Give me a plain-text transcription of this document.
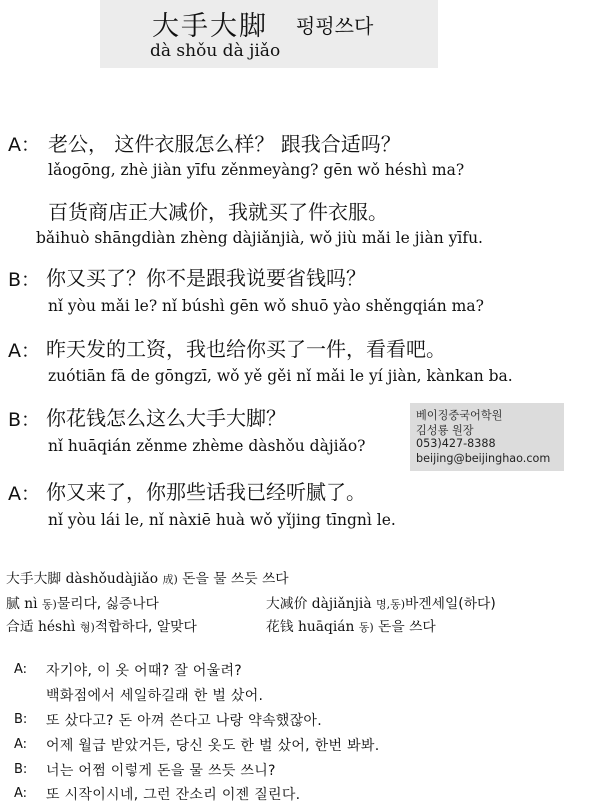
大手大脚 펑펑쓰다
dà shǒu dà jiǎo
A： 老公， 这件衣服怎么样？ 跟我合适吗？
lǎogōng, zhè jiàn yīfu zěnmeyàng? gēn wǒ héshì ma?
百货商店正大减价，我就买了件衣服。
bǎihuò shāngdiàn zhèng dàjiǎnjià, wǒ jiù mǎi le jiàn yīfu.
B： 你又买了？你不是跟我说要省钱吗？
nǐ yòu mǎi le? nǐ búshì gēn wǒ shuō yào shěngqián ma?
A： 昨天发的工资，我也给你买了一件，看看吧。
zuótiān fā de gōngzī, wǒ yě gěi nǐ mǎi le yí jiàn, kànkan ba.
B： 你花钱怎么这么大手大脚？
nǐ huāqián zěnme zhème dàshǒu dàjiǎo?
A： 你又来了，你那些话我已经听腻了。
nǐ yòu lái le, nǐ nàxiē huà wǒ yǐjing tīngnì le.
베이징중국어학원
김성룡 원장
053)427-8388
beijing@beijinghao.com
大手大脚 dàshǒudàjiǎo 成) 돈을 물 쓰듯 쓰다
腻 nì 동)물리다, 싫증나다	大减价 dàjiǎnjià 명,동)바겐세일(하다)
合适 héshì 형)적합하다, 알맞다	花钱 huāqián 동) 돈을 쓰다
A: 자기야, 이 옷 어때? 잘 어울려?
백화점에서 세일하길래 한 벌 샀어.
B: 또 샀다고? 돈 아껴 쓴다고 나랑 약속했잖아.
A: 어제 월급 받았거든, 당신 옷도 한 벌 샀어, 한번 봐봐.
B: 너는 어쩜 이렇게 돈을 물 쓰듯 쓰니?
A: 또 시작이시네, 그런 잔소리 이젠 질린다.
